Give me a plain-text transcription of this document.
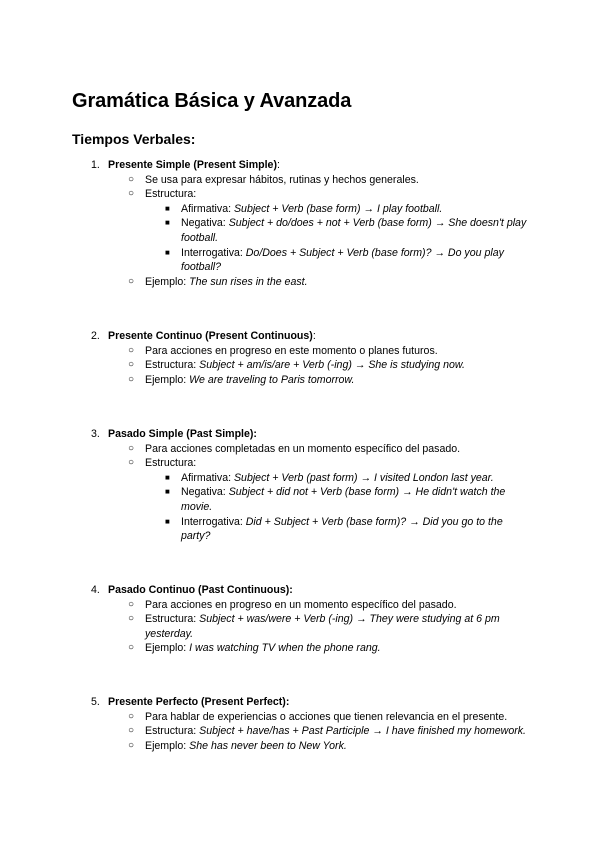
Gramática Básica y Avanzada
Tiempos Verbales:
1. Presente Simple (Present Simple):
○ Se usa para expresar hábitos, rutinas y hechos generales.
○ Estructura:
■ Afirmativa: Subject + Verb (base form) → I play football.
■ Negativa: Subject + do/does + not + Verb (base form) → She doesn't play football.
■ Interrogativa: Do/Does + Subject + Verb (base form)? → Do you play football?
○ Ejemplo: The sun rises in the east.
2. Presente Continuo (Present Continuous):
○ Para acciones en progreso en este momento o planes futuros.
○ Estructura: Subject + am/is/are + Verb (-ing) → She is studying now.
○ Ejemplo: We are traveling to Paris tomorrow.
3. Pasado Simple (Past Simple):
○ Para acciones completadas en un momento específico del pasado.
○ Estructura:
■ Afirmativa: Subject + Verb (past form) → I visited London last year.
■ Negativa: Subject + did not + Verb (base form) → He didn't watch the movie.
■ Interrogativa: Did + Subject + Verb (base form)? → Did you go to the party?
4. Pasado Continuo (Past Continuous):
○ Para acciones en progreso en un momento específico del pasado.
○ Estructura: Subject + was/were + Verb (-ing) → They were studying at 6 pm yesterday.
○ Ejemplo: I was watching TV when the phone rang.
5. Presente Perfecto (Present Perfect):
○ Para hablar de experiencias o acciones que tienen relevancia en el presente.
○ Estructura: Subject + have/has + Past Participle → I have finished my homework.
○ Ejemplo: She has never been to New York.
